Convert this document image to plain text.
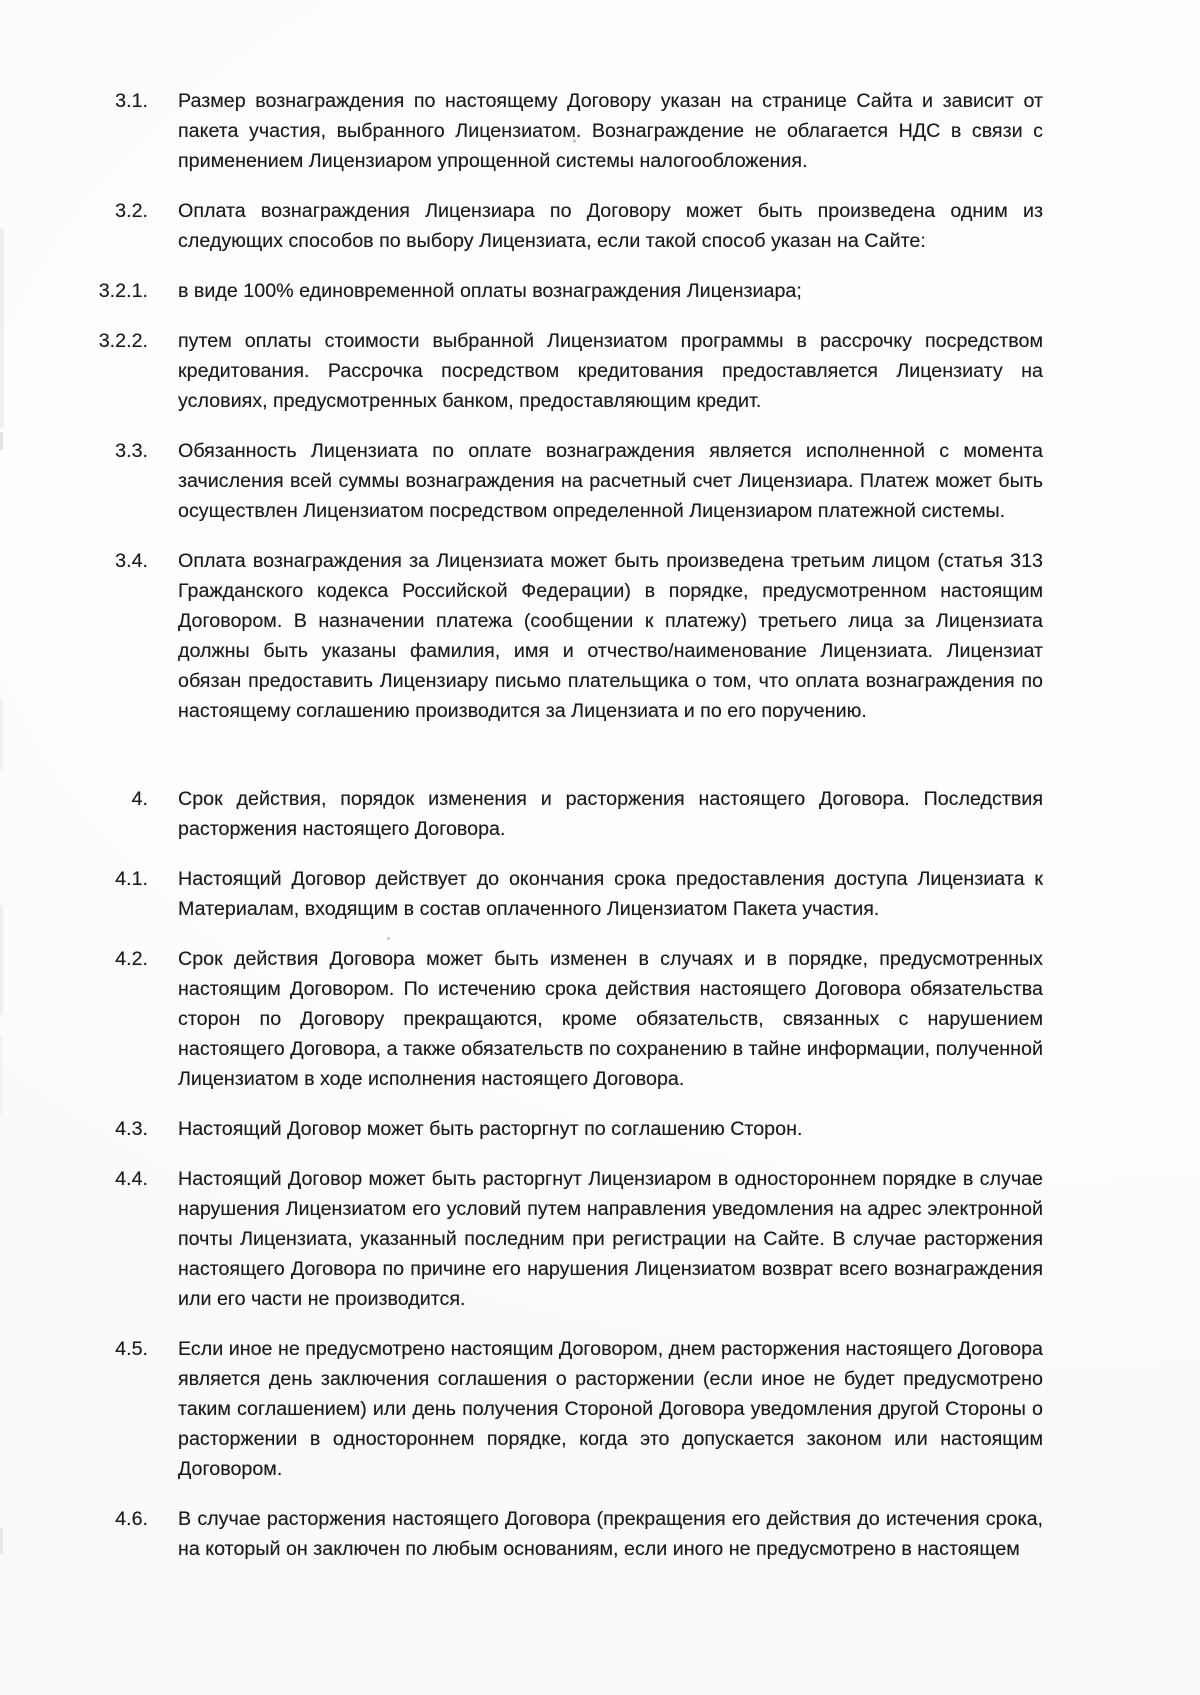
3.1. Размер вознаграждения по настоящему Договору указан на странице Сайта и зависит от пакета участия, выбранного Лицензиатом. Вознаграждение не облагается НДС в связи с применением Лицензиаром упрощенной системы налогообложения.
3.2. Оплата вознаграждения Лицензиара по Договору может быть произведена одним из следующих способов по выбору Лицензиата, если такой способ указан на Сайте:
3.2.1. в виде 100% единовременной оплаты вознаграждения Лицензиара;
3.2.2. путем оплаты стоимости выбранной Лицензиатом программы в рассрочку посредством кредитования. Рассрочка посредством кредитования предоставляется Лицензиату на условиях, предусмотренных банком, предоставляющим кредит.
3.3. Обязанность Лицензиата по оплате вознаграждения является исполненной с момента зачисления всей суммы вознаграждения на расчетный счет Лицензиара. Платеж может быть осуществлен Лицензиатом посредством определенной Лицензиаром платежной системы.
3.4. Оплата вознаграждения за Лицензиата может быть произведена третьим лицом (статья 313 Гражданского кодекса Российской Федерации) в порядке, предусмотренном настоящим Договором. В назначении платежа (сообщении к платежу) третьего лица за Лицензиата должны быть указаны фамилия, имя и отчество/наименование Лицензиата. Лицензиат обязан предоставить Лицензиару письмо плательщика о том, что оплата вознаграждения по настоящему соглашению производится за Лицензиата и по его поручению.
4. Срок действия, порядок изменения и расторжения настоящего Договора. Последствия расторжения настоящего Договора.
4.1. Настоящий Договор действует до окончания срока предоставления доступа Лицензиата к Материалам, входящим в состав оплаченного Лицензиатом Пакета участия.
4.2. Срок действия Договора может быть изменен в случаях и в порядке, предусмотренных настоящим Договором. По истечению срока действия настоящего Договора обязательства сторон по Договору прекращаются, кроме обязательств, связанных с нарушением настоящего Договора, а также обязательств по сохранению в тайне информации, полученной Лицензиатом в ходе исполнения настоящего Договора.
4.3. Настоящий Договор может быть расторгнут по соглашению Сторон.
4.4. Настоящий Договор может быть расторгнут Лицензиаром в одностороннем порядке в случае нарушения Лицензиатом его условий путем направления уведомления на адрес электронной почты Лицензиата, указанный последним при регистрации на Сайте. В случае расторжения настоящего Договора по причине его нарушения Лицензиатом возврат всего вознаграждения или его части не производится.
4.5. Если иное не предусмотрено настоящим Договором, днем расторжения настоящего Договора является день заключения соглашения о расторжении (если иное не будет предусмотрено таким соглашением) или день получения Стороной Договора уведомления другой Стороны о расторжении в одностороннем порядке, когда это допускается законом или настоящим Договором.
4.6. В случае расторжения настоящего Договора (прекращения его действия до истечения срока, на который он заключен по любым основаниям, если иного не предусмотрено в настоящем
